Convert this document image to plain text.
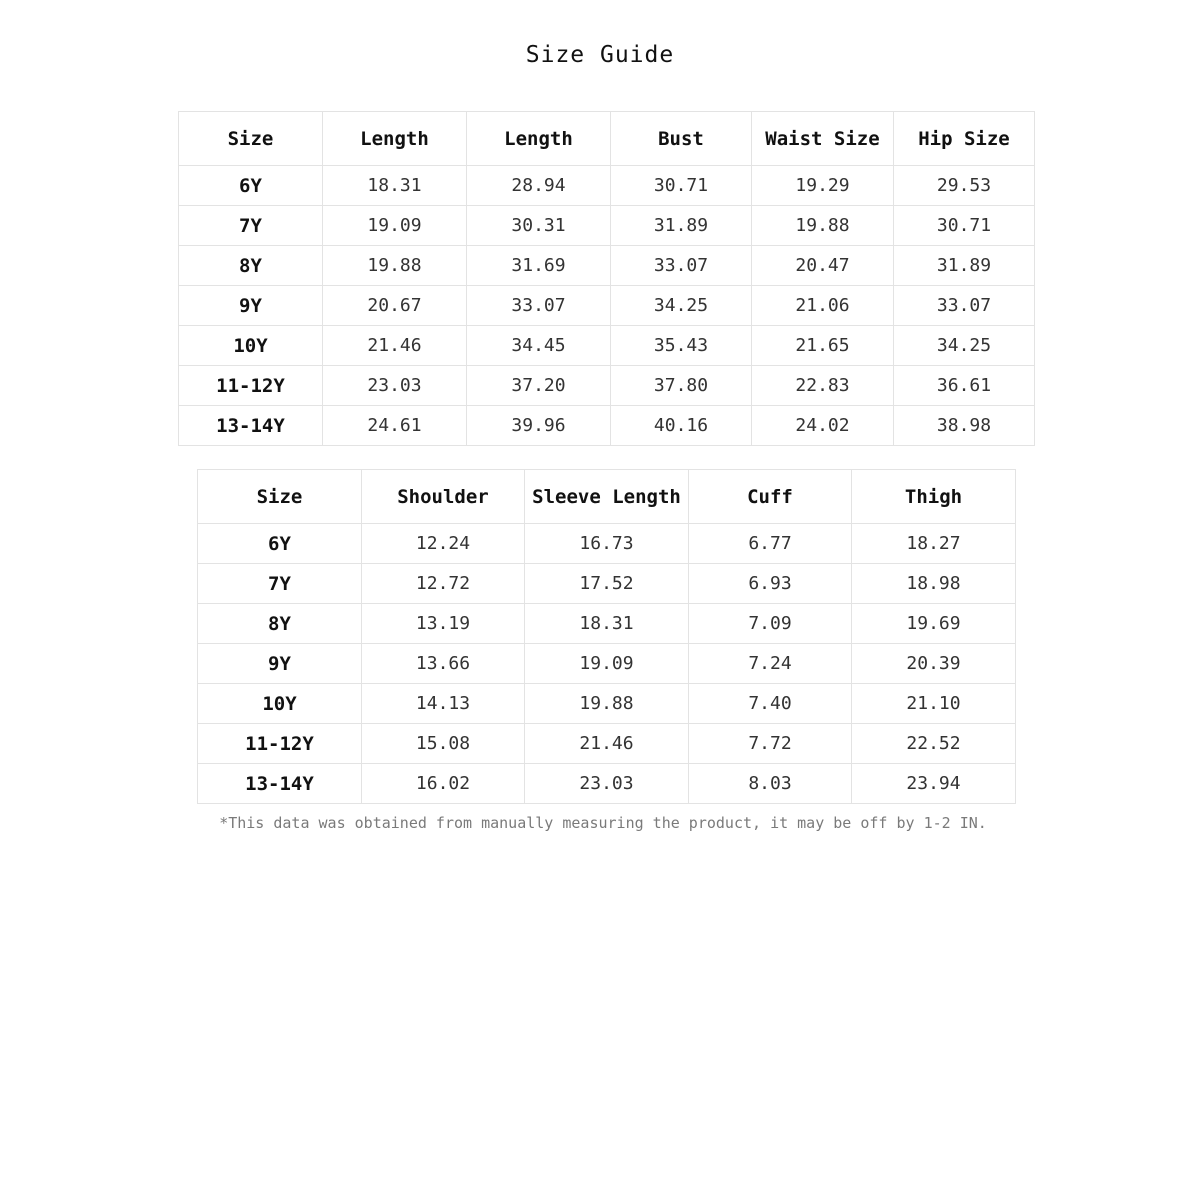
Size Guide
Size	Length	Length	Bust	Waist Size	Hip Size
6Y	18.31	28.94	30.71	19.29	29.53
7Y	19.09	30.31	31.89	19.88	30.71
8Y	19.88	31.69	33.07	20.47	31.89
9Y	20.67	33.07	34.25	21.06	33.07
10Y	21.46	34.45	35.43	21.65	34.25
11-12Y	23.03	37.20	37.80	22.83	36.61
13-14Y	24.61	39.96	40.16	24.02	38.98
Size	Shoulder	Sleeve Length	Cuff	Thigh
6Y	12.24	16.73	6.77	18.27
7Y	12.72	17.52	6.93	18.98
8Y	13.19	18.31	7.09	19.69
9Y	13.66	19.09	7.24	20.39
10Y	14.13	19.88	7.40	21.10
11-12Y	15.08	21.46	7.72	22.52
13-14Y	16.02	23.03	8.03	23.94
*This data was obtained from manually measuring the product, it may be off by 1-2 IN.
